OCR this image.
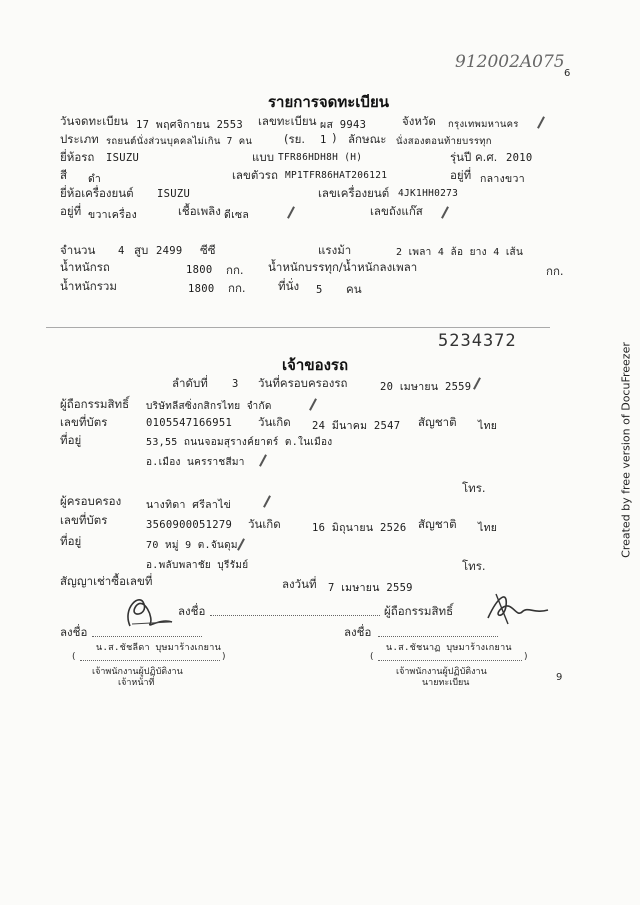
912002A075
6
รายการจดทะเบียน
วันจดทะเบียน 17 พฤศจิกายน 2553 เลขทะเบียน ผส 9943	จังหวัด กรุงเทพมหานคร
ประเภท รถยนต์นั่งส่วนบุคคลไม่เกิน 7 คน	(รย. 1 ) ลักษณะ นั่งสองตอนท้ายบรรทุก
ยี่ห้อรถ ISUZU	แบบ TFR86HDH8H (H)	รุ่นปี ค.ศ. 2010
สี ดำ	เลขตัวรถ MP1TFR86HAT206121	อยู่ที่ กลางขวา
ยี่ห้อเครื่องยนต์ ISUZU	เลขเครื่องยนต์ 4JK1HH0273
อยู่ที่ ขวาเครื่อง	เชื้อเพลิง ดีเซล	เลขถังแก๊ส
จำนวน 4 สูบ 2499 ซีซี	แรงม้า	2 เพลา 4 ล้อ ยาง 4 เส้น
น้ำหนักรถ	1800 กก. น้ำหนักบรรทุก/น้ำหนักลงเพลา	กก.
น้ำหนักรวม	1800 กก.	ที่นั่ง 5 คน
5234372
เจ้าของรถ
ลำดับที่ 3 วันที่ครอบครองรถ	20 เมษายน 2559
ผู้ถือกรรมสิทธิ์ บริษัทลีสซิ่งกสิกรไทย จำกัด
เลขที่บัตร	0105547166951 วันเกิด 24 มีนาคม 2547 สัญชาติ ไทย
ที่อยู่	53,55 ถนนจอมสุรางค์ยาตร์ ต.ในเมือง
อ.เมือง นครราชสีมา
โทร.
ผู้ครอบครอง นางทิดา ศรีลาไข่
เลขที่บัตร	3560900051279 วันเกิด	16 มิถุนายน 2526 สัญชาติ ไทย
ที่อยู่	70 หมู่ 9 ต.จันดุม
อ.พลับพลาชัย บุรีรัมย์	โทร.
สัญญาเช่าซื้อเลขที่	ลงวันที่ 7 เมษายน 2559
ลงชื่อ	ผู้ถือกรรมสิทธิ์
ลงชื่อ
น.ส.ชัชลีดา บุษมาร้างเกยาน
(	)
เจ้าพนักงานผู้ปฏิบัติงาน
เจ้าหน้าที่
ลงชื่อ
น.ส.ชัชนาฏ บุษมาร้างเกยาน
(	)
เจ้าพนักงานผู้ปฏิบัติงาน
นายทะเบียน	9
Created by free version of DocuFreezer
